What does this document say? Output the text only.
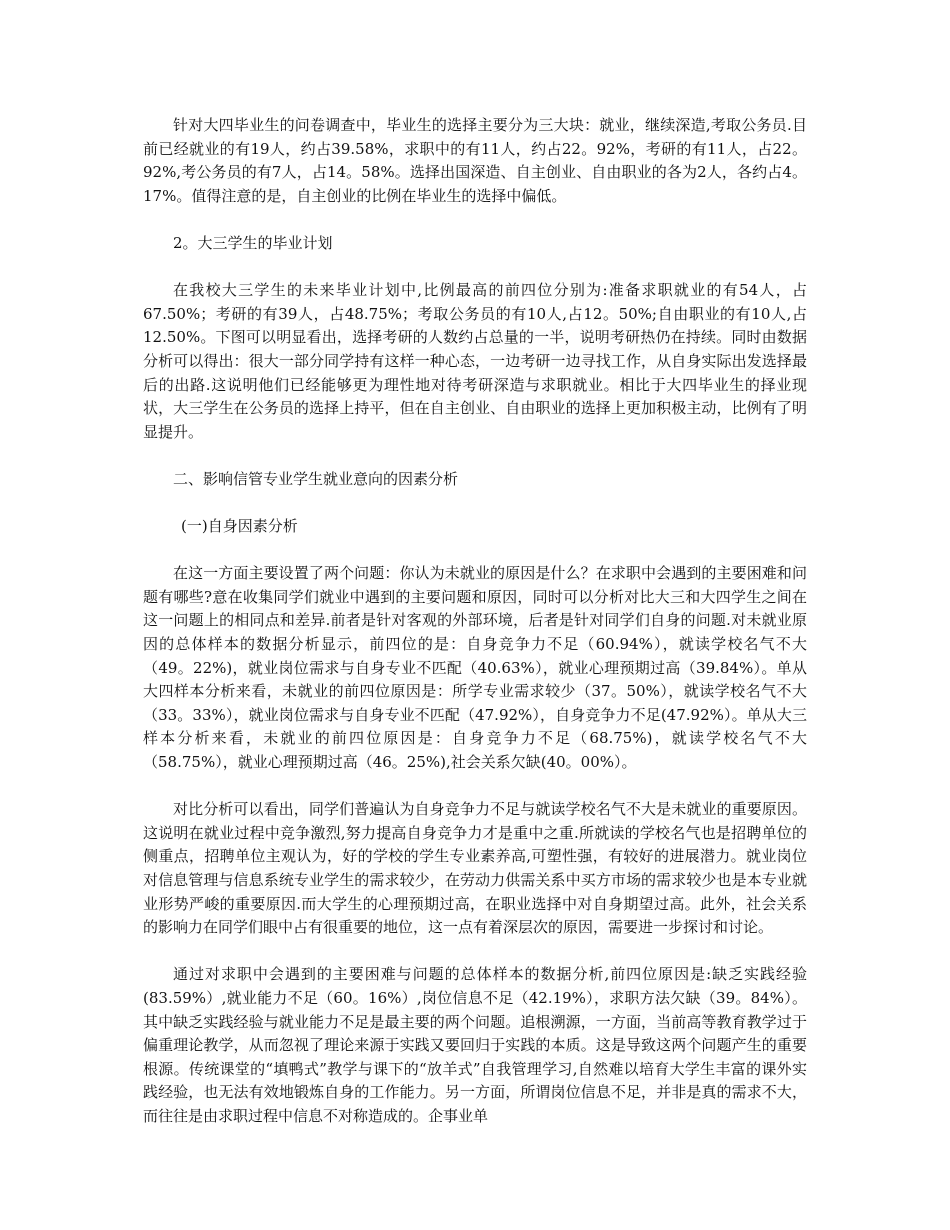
针对大四毕业生的问卷调查中，毕业生的选择主要分为三大块：就业，继续深造,考取公务员.目前已经就业的有19人，约占39.58%，求职中的有11人，约占22。92%，考研的有11人，占22。92%,考公务员的有7人，占14。58%。选择出国深造、自主创业、自由职业的各为2人，各约占4。17%。值得注意的是，自主创业的比例在毕业生的选择中偏低。

2。大三学生的毕业计划

在我校大三学生的未来毕业计划中,比例最高的前四位分别为:准备求职就业的有54人，占67.50%；考研的有39人，占48.75%；考取公务员的有10人,占12。50%;自由职业的有10人,占12.50%。下图可以明显看出，选择考研的人数约占总量的一半，说明考研热仍在持续。同时由数据分析可以得出：很大一部分同学持有这样一种心态，一边考研一边寻找工作，从自身实际出发选择最后的出路.这说明他们已经能够更为理性地对待考研深造与求职就业。相比于大四毕业生的择业现状，大三学生在公务员的选择上持平，但在自主创业、自由职业的选择上更加积极主动，比例有了明显提升。

二、影响信管专业学生就业意向的因素分析

(一)自身因素分析

在这一方面主要设置了两个问题：你认为未就业的原因是什么？在求职中会遇到的主要困难和问题有哪些?意在收集同学们就业中遇到的主要问题和原因，同时可以分析对比大三和大四学生之间在这一问题上的相同点和差异.前者是针对客观的外部环境，后者是针对同学们自身的问题.对未就业原因的总体样本的数据分析显示，前四位的是：自身竞争力不足（60.94%），就读学校名气不大（49。22%)，就业岗位需求与自身专业不匹配（40.63%），就业心理预期过高（39.84%）。单从大四样本分析来看，未就业的前四位原因是：所学专业需求较少（37。50%），就读学校名气不大（33。33%），就业岗位需求与自身专业不匹配（47.92%），自身竞争力不足(47.92%）。单从大三样本分析来看，未就业的前四位原因是：自身竞争力不足（68.75%)，就读学校名气不大（58.75%），就业心理预期过高（46。25%),社会关系欠缺(40。00%）。

对比分析可以看出，同学们普遍认为自身竞争力不足与就读学校名气不大是未就业的重要原因。这说明在就业过程中竞争激烈,努力提高自身竞争力才是重中之重.所就读的学校名气也是招聘单位的侧重点，招聘单位主观认为，好的学校的学生专业素养高,可塑性强，有较好的进展潜力。就业岗位对信息管理与信息系统专业学生的需求较少，在劳动力供需关系中买方市场的需求较少也是本专业就业形势严峻的重要原因.而大学生的心理预期过高，在职业选择中对自身期望过高。此外，社会关系的影响力在同学们眼中占有很重要的地位，这一点有着深层次的原因，需要进一步探讨和讨论。

通过对求职中会遇到的主要困难与问题的总体样本的数据分析,前四位原因是:缺乏实践经验(83.59%）,就业能力不足（60。16%）,岗位信息不足（42.19%），求职方法欠缺（39。84%）。其中缺乏实践经验与就业能力不足是最主要的两个问题。追根溯源，一方面，当前高等教育教学过于偏重理论教学，从而忽视了理论来源于实践又要回归于实践的本质。这是导致这两个问题产生的重要根源。传统课堂的“填鸭式”教学与课下的“放羊式”自我管理学习,自然难以培育大学生丰富的课外实践经验，也无法有效地锻炼自身的工作能力。另一方面，所谓岗位信息不足，并非是真的需求不大，而往往是由求职过程中信息不对称造成的。企事业单
